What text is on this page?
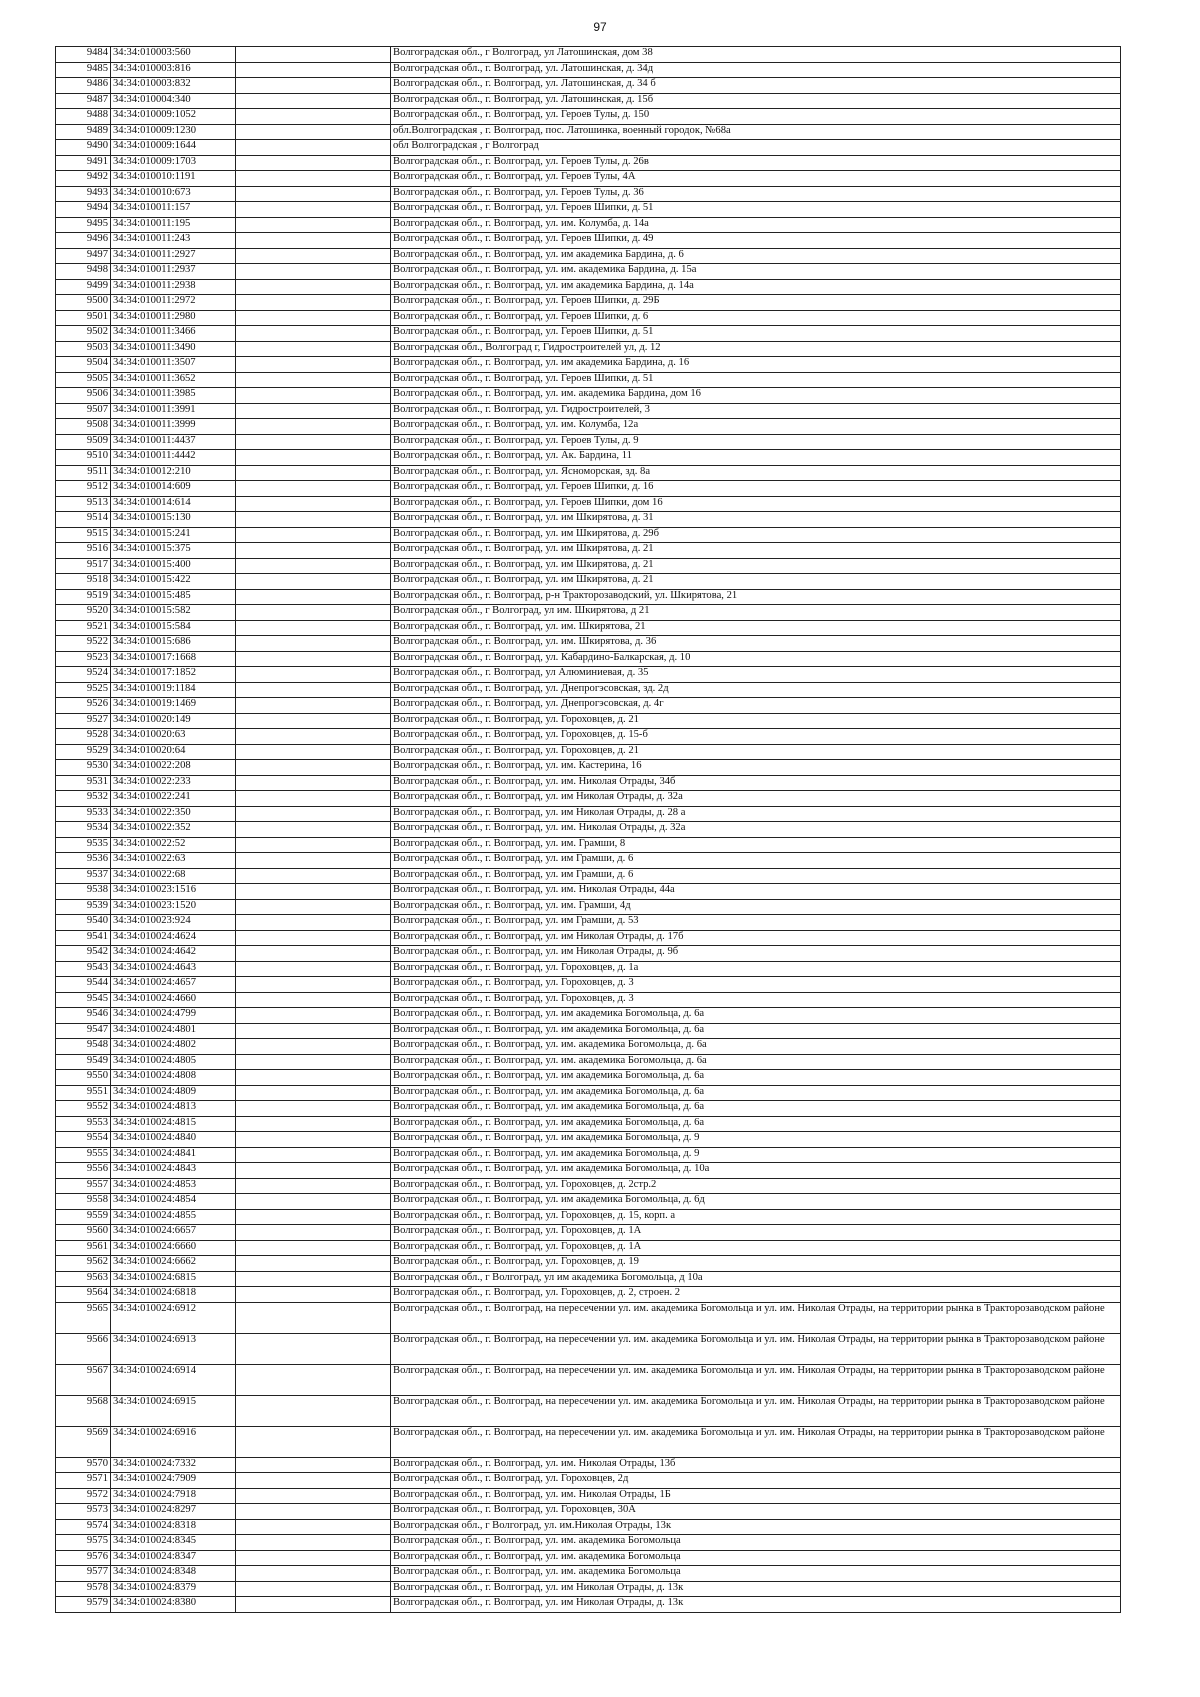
97
9484	34:34:010003:560		Волгоградская обл., г Волгоград, ул Латошинская, дом 38
9485	34:34:010003:816		Волгоградская обл., г. Волгоград, ул. Латошинская, д. 34д
9486	34:34:010003:832		Волгоградская обл., г. Волгоград, ул. Латошинская, д. 34 б
9487	34:34:010004:340		Волгоградская обл., г. Волгоград, ул. Латошинская, д. 15б
9488	34:34:010009:1052		Волгоградская обл., г. Волгоград, ул. Героев Тулы, д. 150
9489	34:34:010009:1230		обл.Волгоградская , г. Волгоград, пос. Латошинка, военный городок, №68а
9490	34:34:010009:1644		обл Волгоградская , г Волгоград
9491	34:34:010009:1703		Волгоградская обл., г. Волгоград, ул. Героев Тулы, д. 26в
9492	34:34:010010:1191		Волгоградская обл., г. Волгоград, ул. Героев Тулы, 4А
9493	34:34:010010:673		Волгоградская обл., г. Волгоград, ул. Героев Тулы, д. 36
9494	34:34:010011:157		Волгоградская обл., г. Волгоград, ул. Героев Шипки, д. 51
9495	34:34:010011:195		Волгоградская обл., г. Волгоград, ул. им. Колумба, д. 14а
9496	34:34:010011:243		Волгоградская обл., г. Волгоград, ул. Героев Шипки, д. 49
9497	34:34:010011:2927		Волгоградская обл., г. Волгоград, ул. им академика Бардина, д. 6
9498	34:34:010011:2937		Волгоградская обл., г. Волгоград, ул. им. академика Бардина, д. 15а
9499	34:34:010011:2938		Волгоградская обл., г. Волгоград, ул. им академика Бардина, д. 14а
9500	34:34:010011:2972		Волгоградская обл., г. Волгоград, ул. Героев Шипки, д. 29Б
9501	34:34:010011:2980		Волгоградская обл., г. Волгоград, ул. Героев Шипки, д. 6
9502	34:34:010011:3466		Волгоградская обл., г. Волгоград, ул. Героев Шипки, д. 51
9503	34:34:010011:3490		Волгоградская обл., Волгоград г, Гидростроителей ул, д. 12
9504	34:34:010011:3507		Волгоградская обл., г. Волгоград, ул. им академика Бардина, д. 16
9505	34:34:010011:3652		Волгоградская обл., г. Волгоград, ул. Героев Шипки, д. 51
9506	34:34:010011:3985		Волгоградская обл., г. Волгоград, ул. им. академика Бардина, дом 16
9507	34:34:010011:3991		Волгоградская обл., г. Волгоград, ул. Гидростроителей, 3
9508	34:34:010011:3999		Волгоградская обл., г. Волгоград, ул. им. Колумба, 12а
9509	34:34:010011:4437		Волгоградская обл., г. Волгоград, ул. Героев Тулы, д. 9
9510	34:34:010011:4442		Волгоградская обл., г. Волгоград, ул. Ак. Бардина, 11
9511	34:34:010012:210		Волгоградская обл., г. Волгоград, ул. Ясноморская, зд. 8а
9512	34:34:010014:609		Волгоградская обл., г. Волгоград, ул. Героев Шипки, д. 16
9513	34:34:010014:614		Волгоградская обл., г. Волгоград, ул. Героев Шипки, дом 16
9514	34:34:010015:130		Волгоградская обл., г. Волгоград, ул. им Шкирятова, д. 31
9515	34:34:010015:241		Волгоградская обл., г. Волгоград, ул. им Шкирятова, д. 29б
9516	34:34:010015:375		Волгоградская обл., г. Волгоград, ул. им Шкирятова, д. 21
9517	34:34:010015:400		Волгоградская обл., г. Волгоград, ул. им Шкирятова, д. 21
9518	34:34:010015:422		Волгоградская обл., г. Волгоград, ул. им Шкирятова, д. 21
9519	34:34:010015:485		Волгоградская обл., г. Волгоград, р-н Тракторозаводский, ул. Шкирятова, 21
9520	34:34:010015:582		Волгоградская обл., г Волгоград, ул им. Шкирятова, д 21
9521	34:34:010015:584		Волгоградская обл., г. Волгоград, ул. им. Шкирятова, 21
9522	34:34:010015:686		Волгоградская обл., г. Волгоград, ул. им. Шкирятова, д. 36
9523	34:34:010017:1668		Волгоградская обл., г. Волгоград, ул. Кабардино-Балкарская, д. 10
9524	34:34:010017:1852		Волгоградская обл., г. Волгоград, ул Алюминиевая, д. 35
9525	34:34:010019:1184		Волгоградская обл., г. Волгоград, ул. Днепрогэсовская, зд. 2д
9526	34:34:010019:1469		Волгоградская обл., г. Волгоград, ул. Днепрогэсовская, д. 4г
9527	34:34:010020:149		Волгоградская обл., г. Волгоград, ул. Гороховцев, д. 21
9528	34:34:010020:63		Волгоградская обл., г. Волгоград, ул. Гороховцев, д. 15-б
9529	34:34:010020:64		Волгоградская обл., г. Волгоград, ул. Гороховцев, д. 21
9530	34:34:010022:208		Волгоградская обл., г. Волгоград, ул. им. Кастерина, 16
9531	34:34:010022:233		Волгоградская обл., г. Волгоград, ул. им. Николая Отрады, 34б
9532	34:34:010022:241		Волгоградская обл., г. Волгоград, ул. им Николая Отрады, д. 32а
9533	34:34:010022:350		Волгоградская обл., г. Волгоград, ул. им Николая Отрады, д. 28 а
9534	34:34:010022:352		Волгоградская обл., г. Волгоград, ул. им. Николая Отрады, д. 32а
9535	34:34:010022:52		Волгоградская обл., г. Волгоград, ул. им. Грамши, 8
9536	34:34:010022:63		Волгоградская обл., г. Волгоград, ул. им Грамши, д. 6
9537	34:34:010022:68		Волгоградская обл., г. Волгоград, ул. им Грамши, д. 6
9538	34:34:010023:1516		Волгоградская обл., г. Волгоград, ул. им. Николая Отрады, 44а
9539	34:34:010023:1520		Волгоградская обл., г. Волгоград, ул. им. Грамши, 4д
9540	34:34:010023:924		Волгоградская обл., г. Волгоград, ул. им Грамши, д. 53
9541	34:34:010024:4624		Волгоградская обл., г. Волгоград, ул. им Николая Отрады, д. 17б
9542	34:34:010024:4642		Волгоградская обл., г. Волгоград, ул. им Николая Отрады, д. 9б
9543	34:34:010024:4643		Волгоградская обл., г. Волгоград, ул. Гороховцев, д. 1а
9544	34:34:010024:4657		Волгоградская обл., г. Волгоград, ул. Гороховцев, д. 3
9545	34:34:010024:4660		Волгоградская обл., г. Волгоград, ул. Гороховцев, д. 3
9546	34:34:010024:4799		Волгоградская обл., г. Волгоград, ул. им академика Богомольца, д. 6а
9547	34:34:010024:4801		Волгоградская обл., г. Волгоград, ул. им академика Богомольца, д. 6а
9548	34:34:010024:4802		Волгоградская обл., г. Волгоград, ул. им. академика Богомольца, д. 6а
9549	34:34:010024:4805		Волгоградская обл., г. Волгоград, ул. им. академика Богомольца, д. 6а
9550	34:34:010024:4808		Волгоградская обл., г. Волгоград, ул. им академика Богомольца, д. 6а
9551	34:34:010024:4809		Волгоградская обл., г. Волгоград, ул. им академика Богомольца, д. 6а
9552	34:34:010024:4813		Волгоградская обл., г. Волгоград, ул. им академика Богомольца, д. 6а
9553	34:34:010024:4815		Волгоградская обл., г. Волгоград, ул. им академика Богомольца, д. 6а
9554	34:34:010024:4840		Волгоградская обл., г. Волгоград, ул. им академика Богомольца, д. 9
9555	34:34:010024:4841		Волгоградская обл., г. Волгоград, ул. им академика Богомольца, д. 9
9556	34:34:010024:4843		Волгоградская обл., г. Волгоград, ул. им академика Богомольца, д. 10а
9557	34:34:010024:4853		Волгоградская обл., г. Волгоград, ул. Гороховцев, д. 2стр.2
9558	34:34:010024:4854		Волгоградская обл., г. Волгоград, ул. им академика Богомольца, д. 6д
9559	34:34:010024:4855		Волгоградская обл., г. Волгоград, ул. Гороховцев, д. 15, корп. а
9560	34:34:010024:6657		Волгоградская обл., г. Волгоград, ул. Гороховцев, д. 1А
9561	34:34:010024:6660		Волгоградская обл., г. Волгоград, ул. Гороховцев, д. 1А
9562	34:34:010024:6662		Волгоградская обл., г. Волгоград, ул. Гороховцев, д. 19
9563	34:34:010024:6815		Волгоградская обл., г Волгоград, ул им академика Богомольца, д 10а
9564	34:34:010024:6818		Волгоградская обл., г. Волгоград, ул. Гороховцев, д. 2, строен. 2
9565	34:34:010024:6912		Волгоградская обл., г. Волгоград, на пересечении ул. им. академика Богомольца и ул. им. Николая Отрады, на территории рынка в Тракторозаводском районе
9566	34:34:010024:6913		Волгоградская обл., г. Волгоград, на пересечении ул. им. академика Богомольца и ул. им. Николая Отрады, на территории рынка в Тракторозаводском районе
9567	34:34:010024:6914		Волгоградская обл., г. Волгоград, на пересечении ул. им. академика Богомольца и ул. им. Николая Отрады, на территории рынка в Тракторозаводском районе
9568	34:34:010024:6915		Волгоградская обл., г. Волгоград, на пересечении ул. им. академика Богомольца и ул. им. Николая Отрады, на территории рынка в Тракторозаводском районе
9569	34:34:010024:6916		Волгоградская обл., г. Волгоград, на пересечении ул. им. академика Богомольца и ул. им. Николая Отрады, на территории рынка в Тракторозаводском районе
9570	34:34:010024:7332		Волгоградская обл., г. Волгоград, ул. им. Николая Отрады, 13б
9571	34:34:010024:7909		Волгоградская обл., г. Волгоград, ул. Гороховцев, 2д
9572	34:34:010024:7918		Волгоградская обл., г. Волгоград, ул. им. Николая Отрады, 1Б
9573	34:34:010024:8297		Волгоградская обл., г. Волгоград, ул. Гороховцев, 30А
9574	34:34:010024:8318		Волгоградская обл., г Волгоград, ул. им.Николая Отрады, 13к
9575	34:34:010024:8345		Волгоградская обл., г. Волгоград, ул. им. академика Богомольца
9576	34:34:010024:8347		Волгоградская обл., г. Волгоград, ул. им. академика Богомольца
9577	34:34:010024:8348		Волгоградская обл., г. Волгоград, ул. им. академика Богомольца
9578	34:34:010024:8379		Волгоградская обл., г. Волгоград, ул. им Николая Отрады, д. 13к
9579	34:34:010024:8380		Волгоградская обл., г. Волгоград, ул. им Николая Отрады, д. 13к
